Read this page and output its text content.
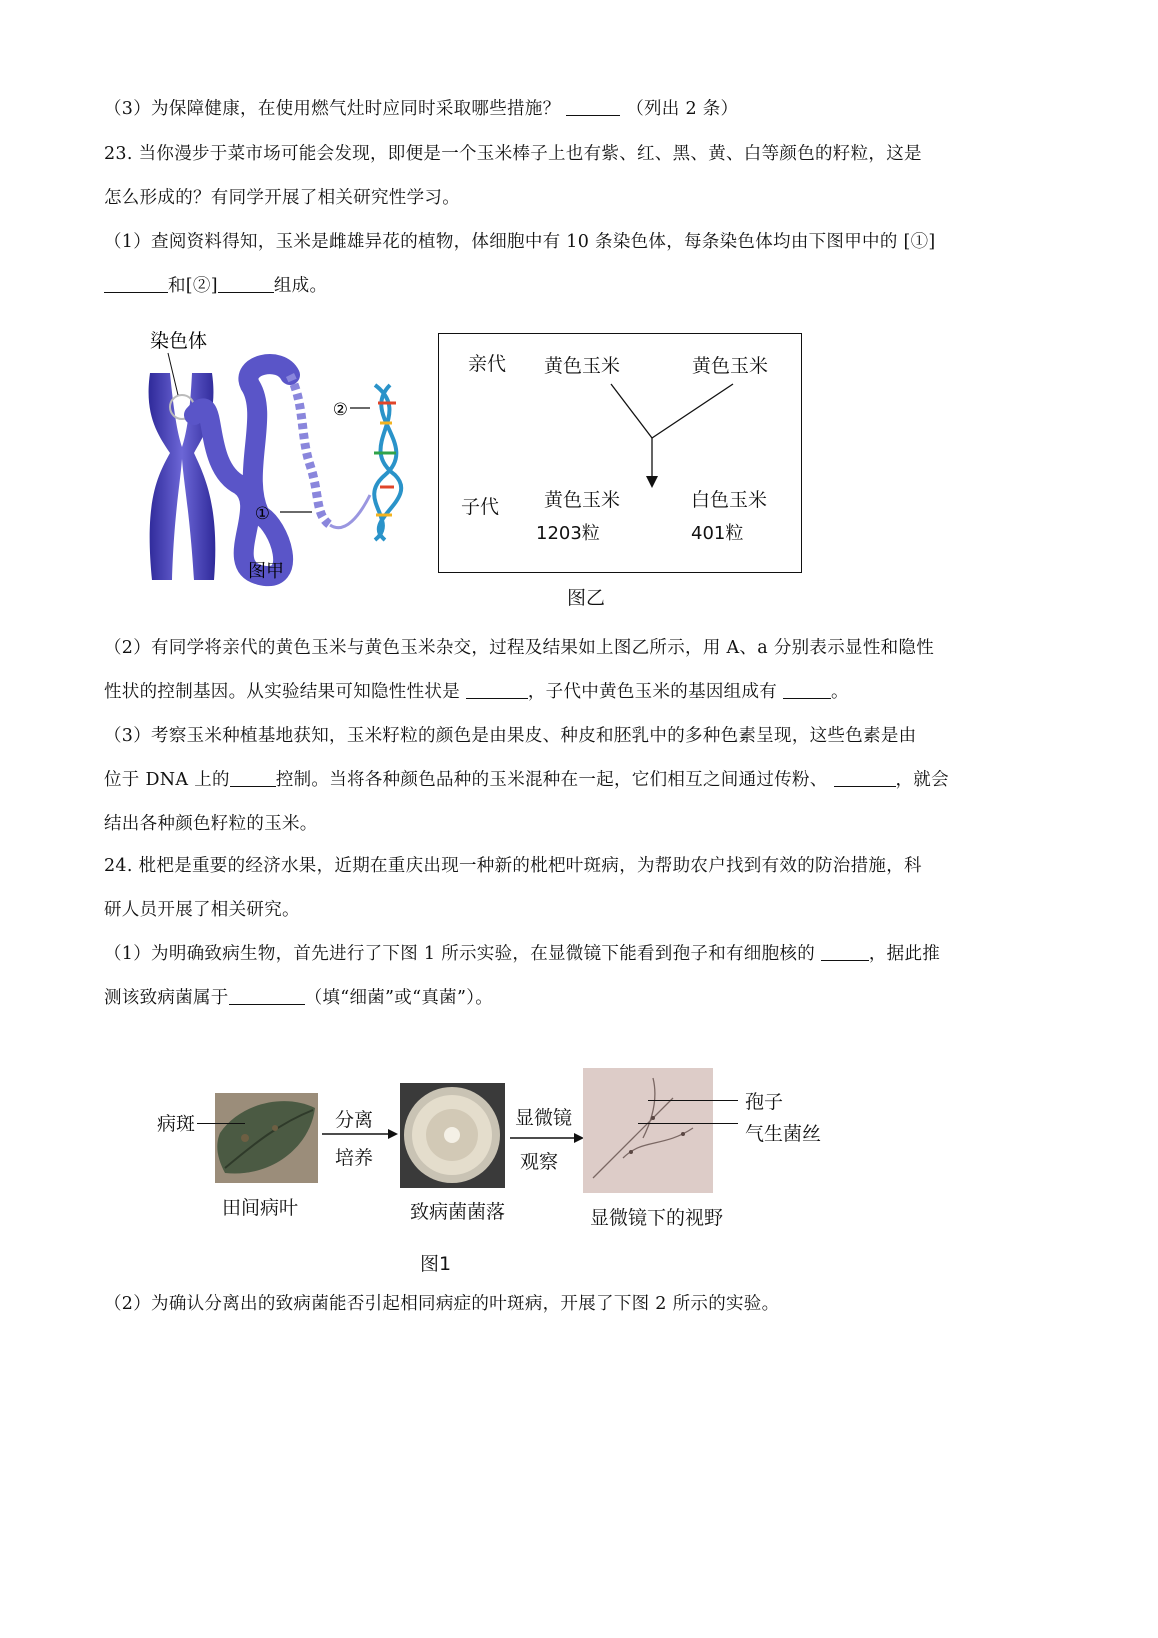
（3）为保障健康，在使用燃气灶时应同时采取哪些措施？	（列出 2 条）
23. 当你漫步于菜市场可能会发现，即便是一个玉米棒子上也有紫、红、黑、黄、白等颜色的籽粒，这是
怎么形成的？有同学开展了相关研究性学习。
（1）查阅资料得知，玉米是雌雄异花的植物，体细胞中有 10 条染色体，每条染色体均由下图甲中的 [①]
和[②]	组成。
①
②
染色体
图甲
亲代 黄色玉米	黄色玉米
子代 黄色玉米	白色玉米
1203粒	401粒
图乙
（2）有同学将亲代的黄色玉米与黄色玉米杂交，过程及结果如上图乙所示，用 A、a 分别表示显性和隐性
性状的控制基因。从实验结果可知隐性性状是	，子代中黄色玉米的基因组成有	。
（3）考察玉米种植基地获知，玉米籽粒的颜色是由果皮、种皮和胚乳中的多种色素呈现，这些色素是由
位于 DNA 上的	控制。当将各种颜色品种的玉米混种在一起，它们相互之间通过传粉、	，就会
结出各种颜色籽粒的玉米。
24. 枇杷是重要的经济水果，近期在重庆出现一种新的枇杷叶斑病，为帮助农户找到有效的防治措施，科
研人员开展了相关研究。
（1）为明确致病生物，首先进行了下图 1 所示实验，在显微镜下能看到孢子和有细胞核的	，据此推
测该致病菌属于	（填“细菌”或“真菌”）。
病斑
田间病叶
分离
培养
致病菌菌落
显微镜
观察
孢子
气生菌丝
显微镜下的视野
图1
（2）为确认分离出的致病菌能否引起相同病症的叶斑病，开展了下图 2 所示的实验。
